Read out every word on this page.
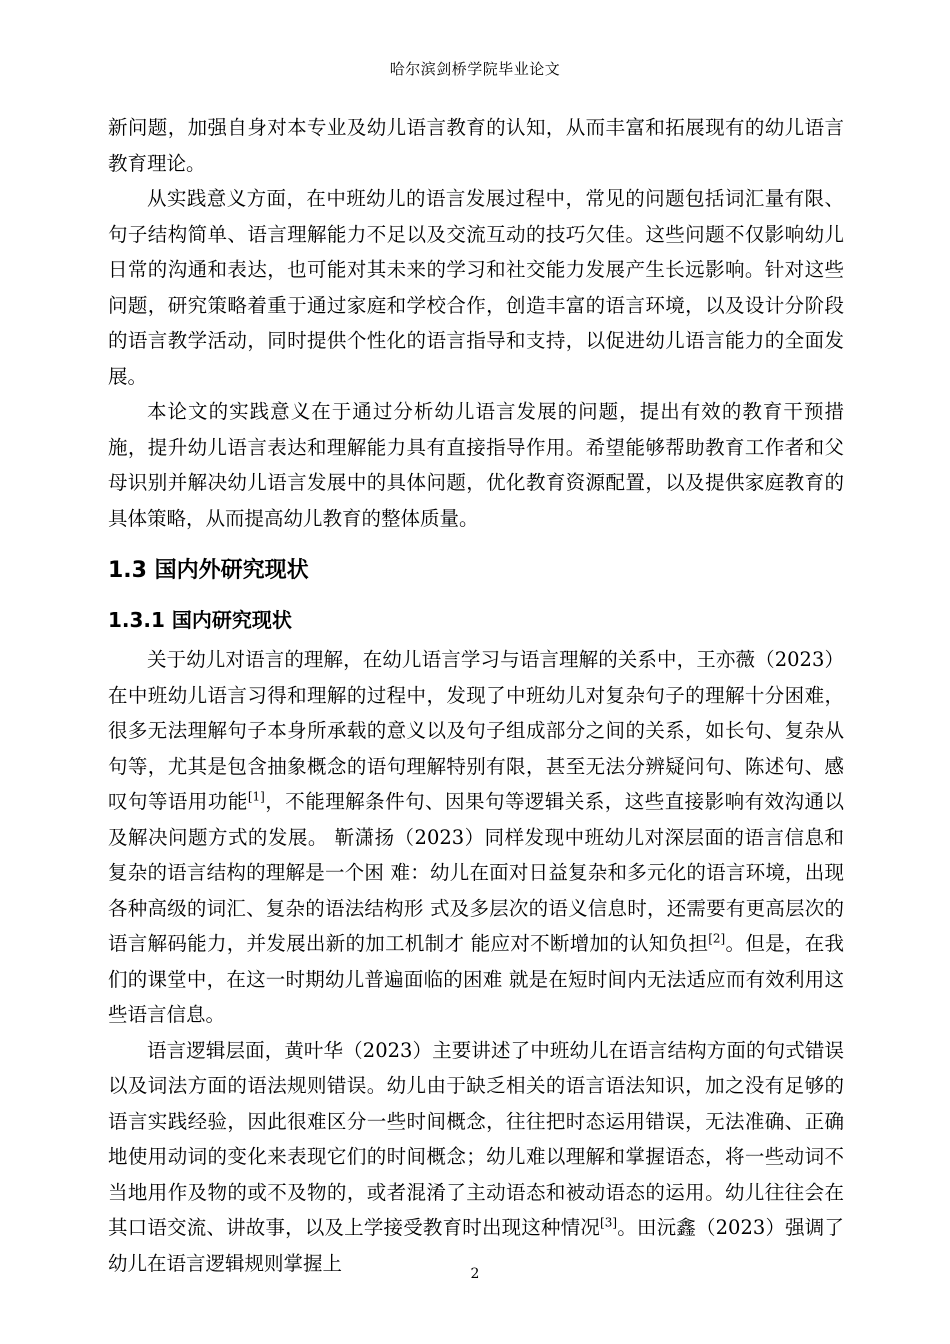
哈尔滨剑桥学院毕业论文

新问题，加强自身对本专业及幼儿语言教育的认知，从而丰富和拓展现有的幼儿语言教育理论。

从实践意义方面，在中班幼儿的语言发展过程中，常见的问题包括词汇量有限、句子结构简单、语言理解能力不足以及交流互动的技巧欠佳。这些问题不仅影响幼儿日常的沟通和表达，也可能对其未来的学习和社交能力发展产生长远影响。针对这些问题，研究策略着重于通过家庭和学校合作，创造丰富的语言环境，以及设计分阶段的语言教学活动，同时提供个性化的语言指导和支持，以促进幼儿语言能力的全面发展。

本论文的实践意义在于通过分析幼儿语言发展的问题，提出有效的教育干预措施，提升幼儿语言表达和理解能力具有直接指导作用。希望能够帮助教育工作者和父母识别并解决幼儿语言发展中的具体问题，优化教育资源配置，以及提供家庭教育的具体策略，从而提高幼儿教育的整体质量。

1.3 国内外研究现状
1.3.1 国内研究现状

关于幼儿对语言的理解，在幼儿语言学习与语言理解的关系中，王亦薇（2023）在中班幼儿语言习得和理解的过程中，发现了中班幼儿对复杂句子的理解十分困难，很多无法理解句子本身所承载的意义以及句子组成部分之间的关系，如长句、复杂从句等，尤其是包含抽象概念的语句理解特别有限，甚至无法分辨疑问句、陈述句、感叹句等语用功能[1]，不能理解条件句、因果句等逻辑关系，这些直接影响有效沟通以及解决问题方式的发展。 靳潇扬（2023）同样发现中班幼儿对深层面的语言信息和复杂的语言结构的理解是一个困 难：幼儿在面对日益复杂和多元化的语言环境，出现各种高级的词汇、复杂的语法结构形 式及多层次的语义信息时，还需要有更高层次的语言解码能力，并发展出新的加工机制才 能应对不断增加的认知负担[2]。但是，在我们的课堂中，在这一时期幼儿普遍面临的困难 就是在短时间内无法适应而有效利用这些语言信息。

语言逻辑层面，黄叶华（2023）主要讲述了中班幼儿在语言结构方面的句式错误以及词法方面的语法规则错误。幼儿由于缺乏相关的语言语法知识，加之没有足够的语言实践经验，因此很难区分一些时间概念，往往把时态运用错误，无法准确、正确地使用动词的变化来表现它们的时间概念；幼儿难以理解和掌握语态，将一些动词不当地用作及物的或不及物的，或者混淆了主动语态和被动语态的运用。幼儿往往会在其口语交流、讲故事，以及上学接受教育时出现这种情况[3]。田沅鑫（2023）强调了幼儿在语言逻辑规则掌握上	2
